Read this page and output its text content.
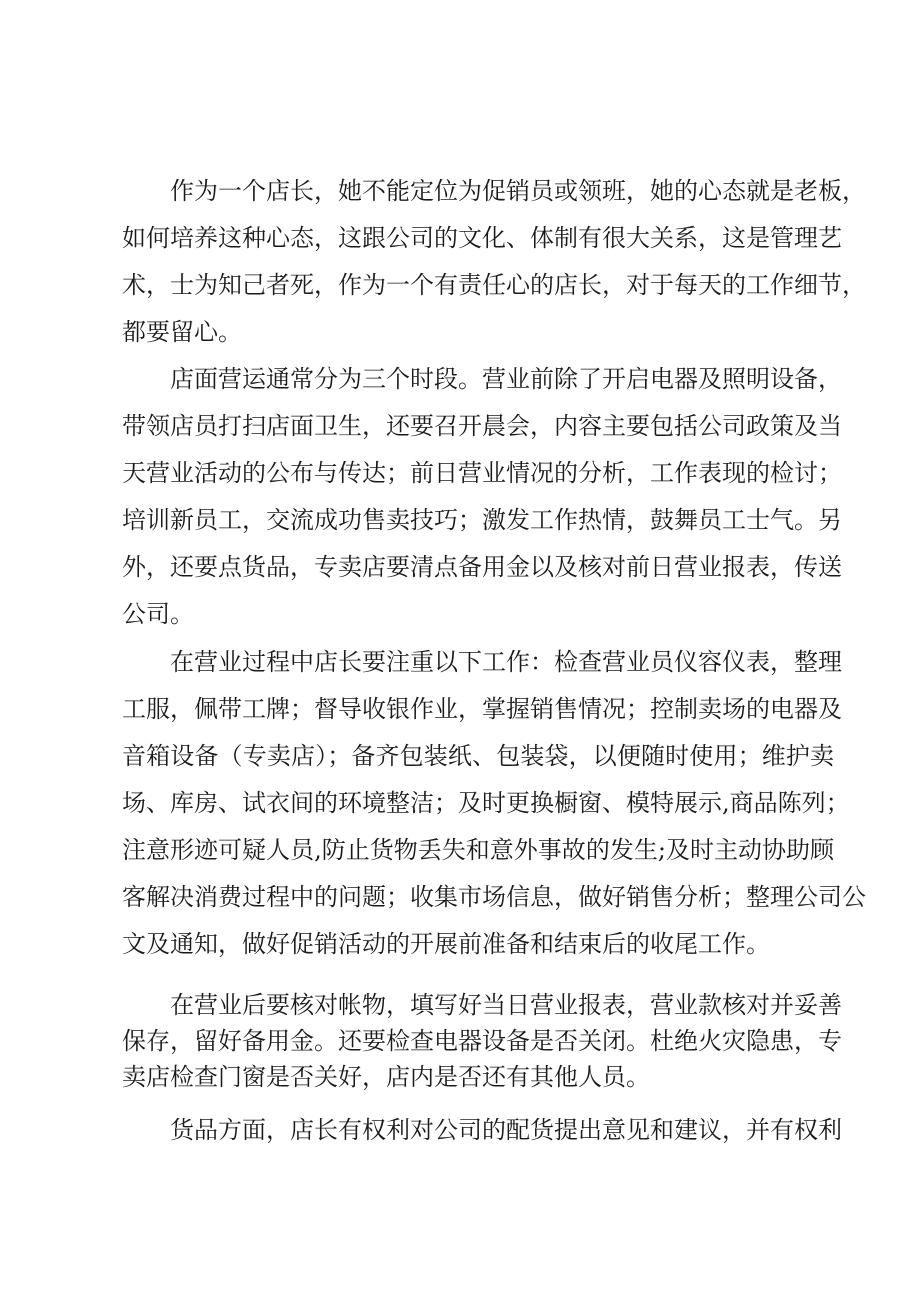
作为一个店长，她不能定位为促销员或领班，她的心态就是老板，
如何培养这种心态，这跟公司的文化、体制有很大关系，这是管理艺
术，士为知己者死，作为一个有责任心的店长，对于每天的工作细节，
都要留心。
店面营运通常分为三个时段。营业前除了开启电器及照明设备，
带领店员打扫店面卫生，还要召开晨会，内容主要包括公司政策及当
天营业活动的公布与传达；前日营业情况的分析，工作表现的检讨；
培训新员工，交流成功售卖技巧；激发工作热情，鼓舞员工士气。另
外，还要点货品，专卖店要清点备用金以及核对前日营业报表，传送
公司。
在营业过程中店长要注重以下工作：检查营业员仪容仪表，整理
工服，佩带工牌；督导收银作业，掌握销售情况；控制卖场的电器及
音箱设备（专卖店）；备齐包装纸、包装袋，以便随时使用；维护卖
场、库房、试衣间的环境整洁；及时更换橱窗、模特展示,商品陈列；
注意形迹可疑人员,防止货物丢失和意外事故的发生;及时主动协助顾
客解决消费过程中的问题；收集市场信息，做好销售分析；整理公司公
文及通知，做好促销活动的开展前准备和结束后的收尾工作。
在营业后要核对帐物，填写好当日营业报表，营业款核对并妥善
保存，留好备用金。还要检查电器设备是否关闭。杜绝火灾隐患，专
卖店检查门窗是否关好，店内是否还有其他人员。
货品方面，店长有权利对公司的配货提出意见和建议，并有权利
